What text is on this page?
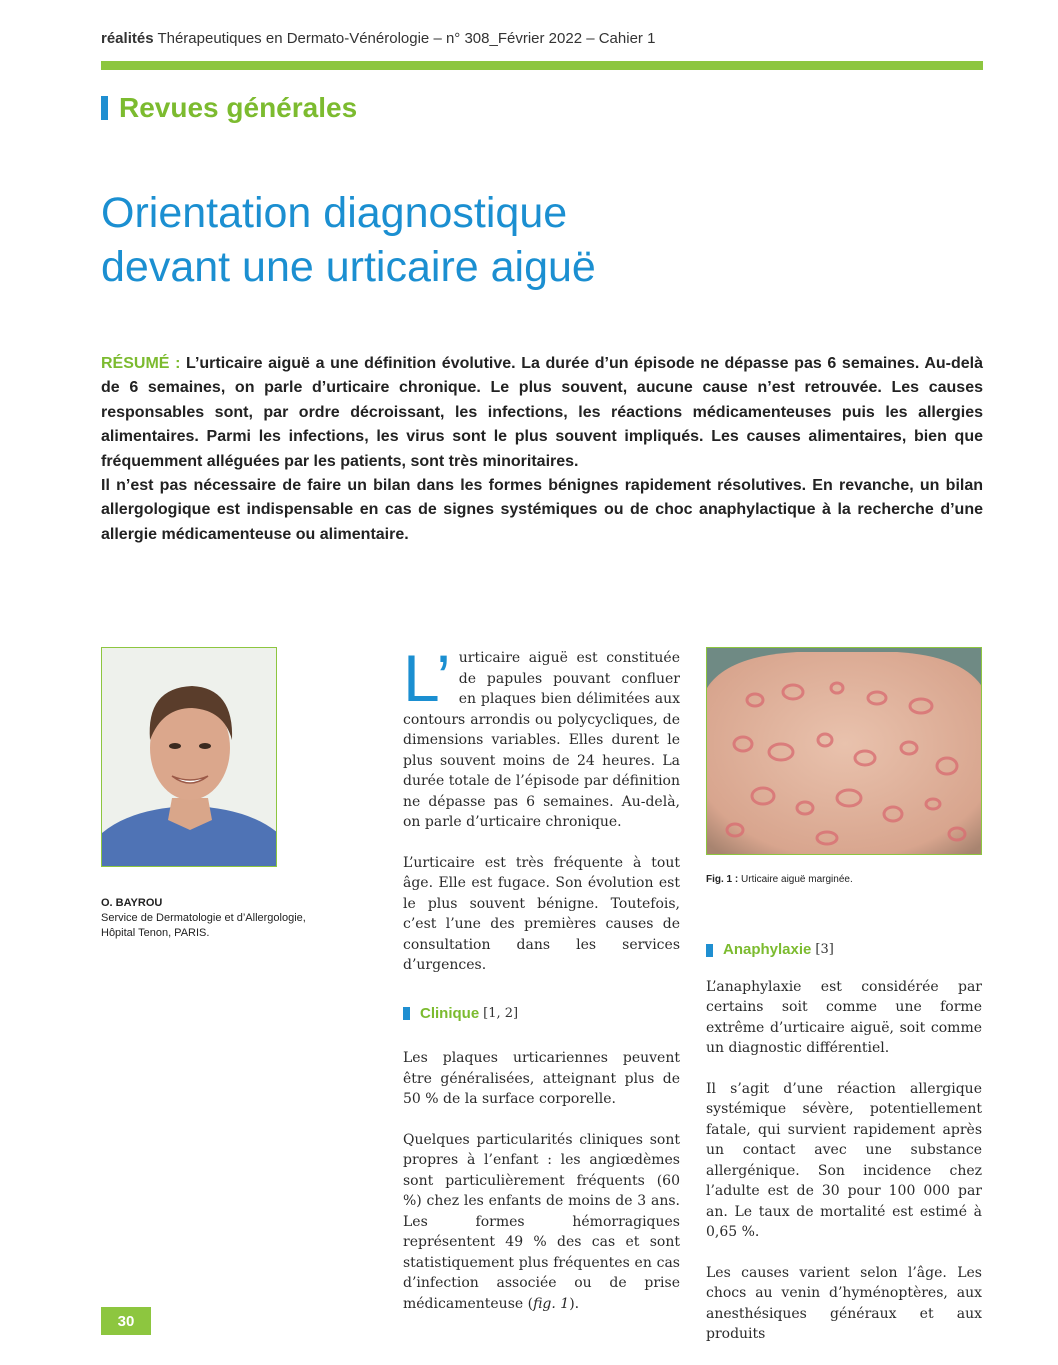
réalités Thérapeutiques en Dermato-Vénérologie – n° 308_Février 2022 – Cahier 1
Revues générales
Orientation diagnostique
devant une urticaire aiguë

RÉSUMÉ : L’urticaire aiguë a une définition évolutive. La durée d’un épisode ne dépasse pas 6 semaines. Au-delà de 6 semaines, on parle d’urticaire chronique. Le plus souvent, aucune cause n’est retrouvée. Les causes responsables sont, par ordre décroissant, les infections, les réactions médicamenteuses puis les allergies alimentaires. Parmi les infections, les virus sont le plus souvent impliqués. Les causes alimentaires, bien que fréquemment alléguées par les patients, sont très minoritaires.

Il n’est pas nécessaire de faire un bilan dans les formes bénignes rapidement résolutives. En revanche, un bilan allergologique est indispensable en cas de signes systémiques ou de choc anaphylactique à la recherche d’une allergie médicamenteuse ou alimentaire.

O. BAYROU
Service de Dermatologie et d’Allergologie,
Hôpital Tenon, PARIS.

L’ urticaire aiguë est constituée de papules pouvant confluer en plaques bien délimitées aux contours arrondis ou polycycliques, de dimensions variables. Elles durent le plus souvent moins de 24 heures. La durée totale de l’épisode par définition ne dépasse pas 6 semaines. Au-delà, on parle d’urticaire chronique.

L’urticaire est très fréquente à tout âge. Elle est fugace. Son évolution est le plus souvent bénigne. Toutefois, c’est l’une des premières causes de consultation dans les services d’urgences.

Clinique [1, 2]

Les plaques urticariennes peuvent être généralisées, atteignant plus de 50 % de la surface corporelle.

Quelques particularités cliniques sont propres à l’enfant : les angiœdèmes sont particulièrement fréquents (60 %) chez les enfants de moins de 3 ans. Les formes hémorragiques représentent 49 % des cas et sont statistiquement plus fréquentes en cas d’infection associée ou de prise médicamenteuse (fig. 1).

Fig. 1 : Urticaire aiguë marginée.
Anaphylaxie [3]

L’anaphylaxie est considérée par certains soit comme une forme extrême d’urticaire aiguë, soit comme un diagnostic différentiel.

Il s’agit d’une réaction allergique systémique sévère, potentiellement fatale, qui survient rapidement après un contact avec une substance allergénique. Son incidence chez l’adulte est de 30 pour 100 000 par an. Le taux de mortalité est estimé à 0,65 %.

Les causes varient selon l’âge. Les chocs au venin d’hyménoptères, aux anesthésiques généraux et aux produits

30
